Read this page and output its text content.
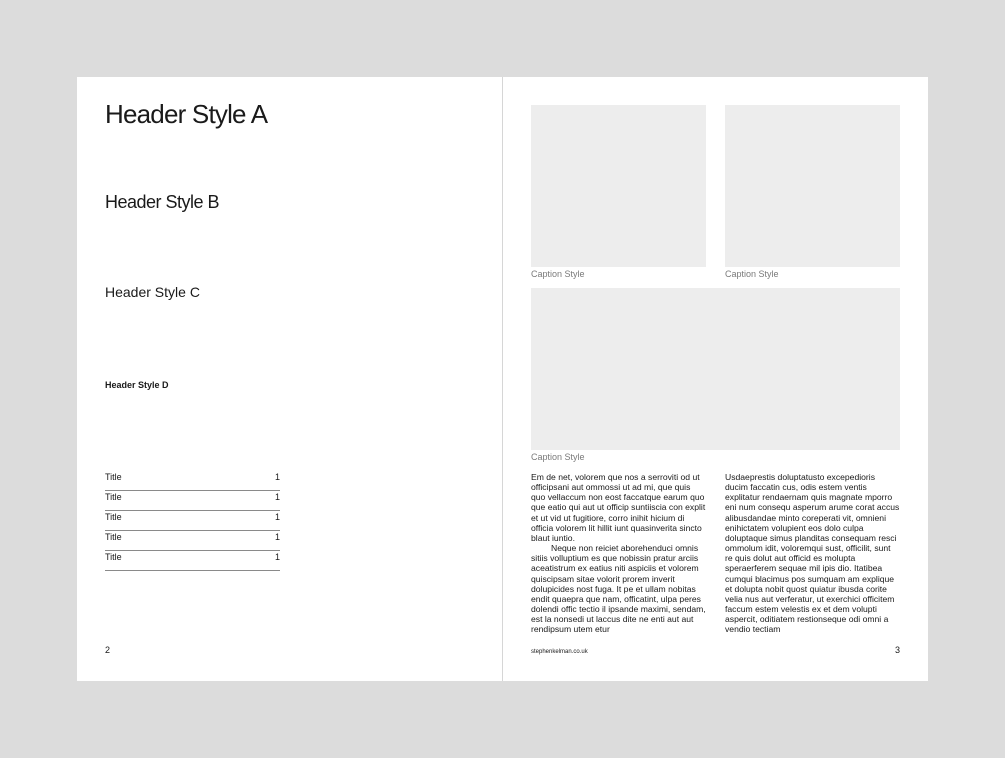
Header Style A
Header Style B
Header Style C
Header Style D
Title	1
Title	1
Title	1
Title	1
Title	1
2
Caption Style	Caption Style
Caption Style

Em de net, volorem que nos a serroviti od ut officipsani aut ommossi ut ad mi, que quis quo vellaccum non eost faccatque earum quo que eatio qui aut ut officip suntiiscia con explit et ut vid ut fugitiore, corro inihit hicium di officia volorem lit hillit iunt quasinverita sincto blaut iuntio.

Neque non reiciet aborehenduci omnis sitiis volluptium es que nobissin pratur arciis aceatistrum ex eatius niti aspiciis et volorem quiscipsam sitae volorit prorem inverit dolupicides nost fuga. It pe et ullam nobitas endit quaepra que nam, officatint, ulpa peres dolendi offic tectio il ipsande maximi, sendam, est la nonsedi ut laccus dite ne enti aut aut rendipsum utem etur

Usdaeprestis doluptatusto excepedioris ducim faccatin cus, odis estem ventis explitatur rendaernam quis magnate mporro eni num consequ asperum arume corat accus alibusdandae minto coreperati vit, omnieni enihictatem volupient eos dolo culpa doluptaque simus planditas consequam resci ommolum idit, voloremqui sust, officilit, sunt re quis dolut aut officid es molupta speraerferem sequae mil ipis dio. Itatibea cumqui blacimus pos sumquam am explique et dolupta nobit quost quiatur ibusda corite velia nus aut verferatur, ut exerchici officitem faccum estem velestis ex et dem volupti aspercit, oditiatem restionseque odi omni a vendio tectiam

stephenkelman.co.uk	3
